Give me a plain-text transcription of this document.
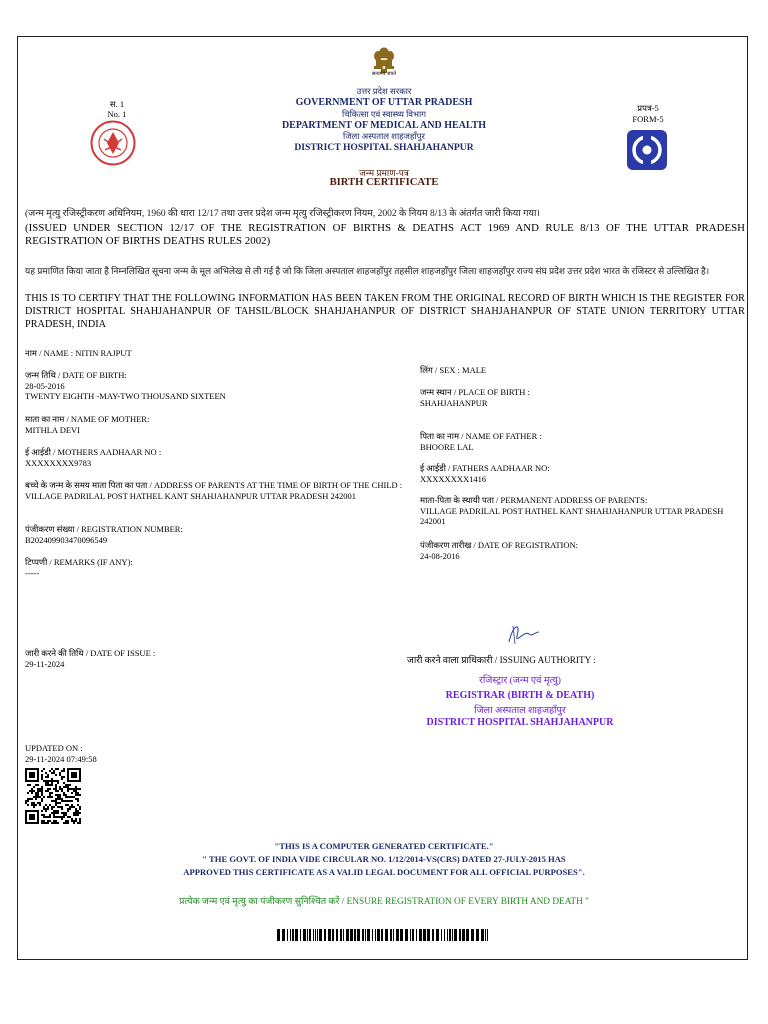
सत्यमेव जयते
उत्तर प्रदेश सरकार
GOVERNMENT OF UTTAR PRADESH
चिकित्सा एवं स्वास्थ्य विभाग
DEPARTMENT OF MEDICAL AND HEALTH
जिला अस्पताल शाहजहाँपुर
DISTRICT HOSPITAL SHAHJAHANPUR
जन्म प्रमाण-पत्र
BIRTH CERTIFICATE
स. 1
No. 1
प्रपत्र-5
FORM-5
(जन्म मृत्यु रजिस्ट्रीकरण अधिनियम, 1960 की धारा 12/17 तथा उत्तर प्रदेश जन्म मृत्यु रजिस्ट्रीकरण नियम, 2002 के नियम 8/13 के अंतर्गत जारी किया गया।
(ISSUED UNDER SECTION 12/17 OF THE REGISTRATION OF BIRTHS & DEATHS ACT 1969 AND RULE 8/13 OF THE UTTAR PRADESH REGISTRATION OF BIRTHS DEATHS RULES 2002)
यह प्रमाणित किया जाता है निम्नलिखित सूचना जन्म के मूल अभिलेख से ली गई है जो कि जिला अस्पताल शाहजहाँपुर तहसील शाहजहाँपुर जिला शाहजहाँपुर राज्य संघ प्रदेश उत्तर प्रदेश भारत के रजिस्टर से उल्लिखित है।
THIS IS TO CERTIFY THAT THE FOLLOWING INFORMATION HAS BEEN TAKEN FROM THE ORIGINAL RECORD OF BIRTH WHICH IS THE REGISTER FOR DISTRICT HOSPITAL SHAHJAHANPUR OF TAHSIL/BLOCK SHAHJAHANPUR OF DISTRICT SHAHJAHANPUR OF STATE UNION TERRITORY UTTAR PRADESH, INDIA
नाम / NAME : NITIN RAJPUT
जन्म तिथि / DATE OF BIRTH:
28-05-2016
TWENTY EIGHTH -MAY-TWO THOUSAND SIXTEEN
माता का नाम / NAME OF MOTHER:
MITHLA DEVI
ई आईडी / MOTHERS AADHAAR NO :
XXXXXXXX9783
बच्चे के जन्म के समय माता पिता का पता / ADDRESS OF PARENTS AT THE TIME OF BIRTH OF THE CHILD :
VILLAGE PADRILAL POST HATHEL KANT SHAHJAHANPUR UTTAR PRADESH 242001
पंजीकरण संख्या / REGISTRATION NUMBER:
B20240990347009​6549
टिप्पणी / REMARKS (IF ANY):
-----
लिंग / SEX : MALE
जन्म स्थान / PLACE OF BIRTH :
SHAHJAHANPUR
पिता का नाम / NAME OF FATHER :
BHOORE LAL
ई आईडी / FATHERS AADHAAR NO:
XXXXXXXX1416
माता-पिता के स्थायी पता / PERMANENT ADDRESS OF PARENTS:
VILLAGE PADRILAL POST HATHEL KANT SHAHJAHANPUR UTTAR PRADESH 242001
पंजीकरण तारीख / DATE OF REGISTRATION:
24-08-2016
जारी करने की तिथि / DATE OF ISSUE :
29-11-2024	जारी करने वाला प्राधिकारी / ISSUING AUTHORITY :
रजिस्ट्रार (जन्म एवं मृत्यु)
REGISTRAR (BIRTH & DEATH)
जिला अस्पताल शाहजहाँपुर
DISTRICT HOSPITAL SHAHJAHANPUR
UPDATED ON :
29-11-2024 07:49:58
"THIS IS A COMPUTER GENERATED CERTIFICATE."
" THE GOVT. OF INDIA VIDE CIRCULAR NO. 1/12/2014-VS(CRS) DATED 27-JULY-2015 HAS
APPROVED THIS CERTIFICATE AS A VALID LEGAL DOCUMENT FOR ALL OFFICIAL PURPOSES".
प्रत्येक जन्म एवं मृत्यु का पंजीकरण सुनिश्चित करें / ENSURE REGISTRATION OF EVERY BIRTH AND DEATH "
